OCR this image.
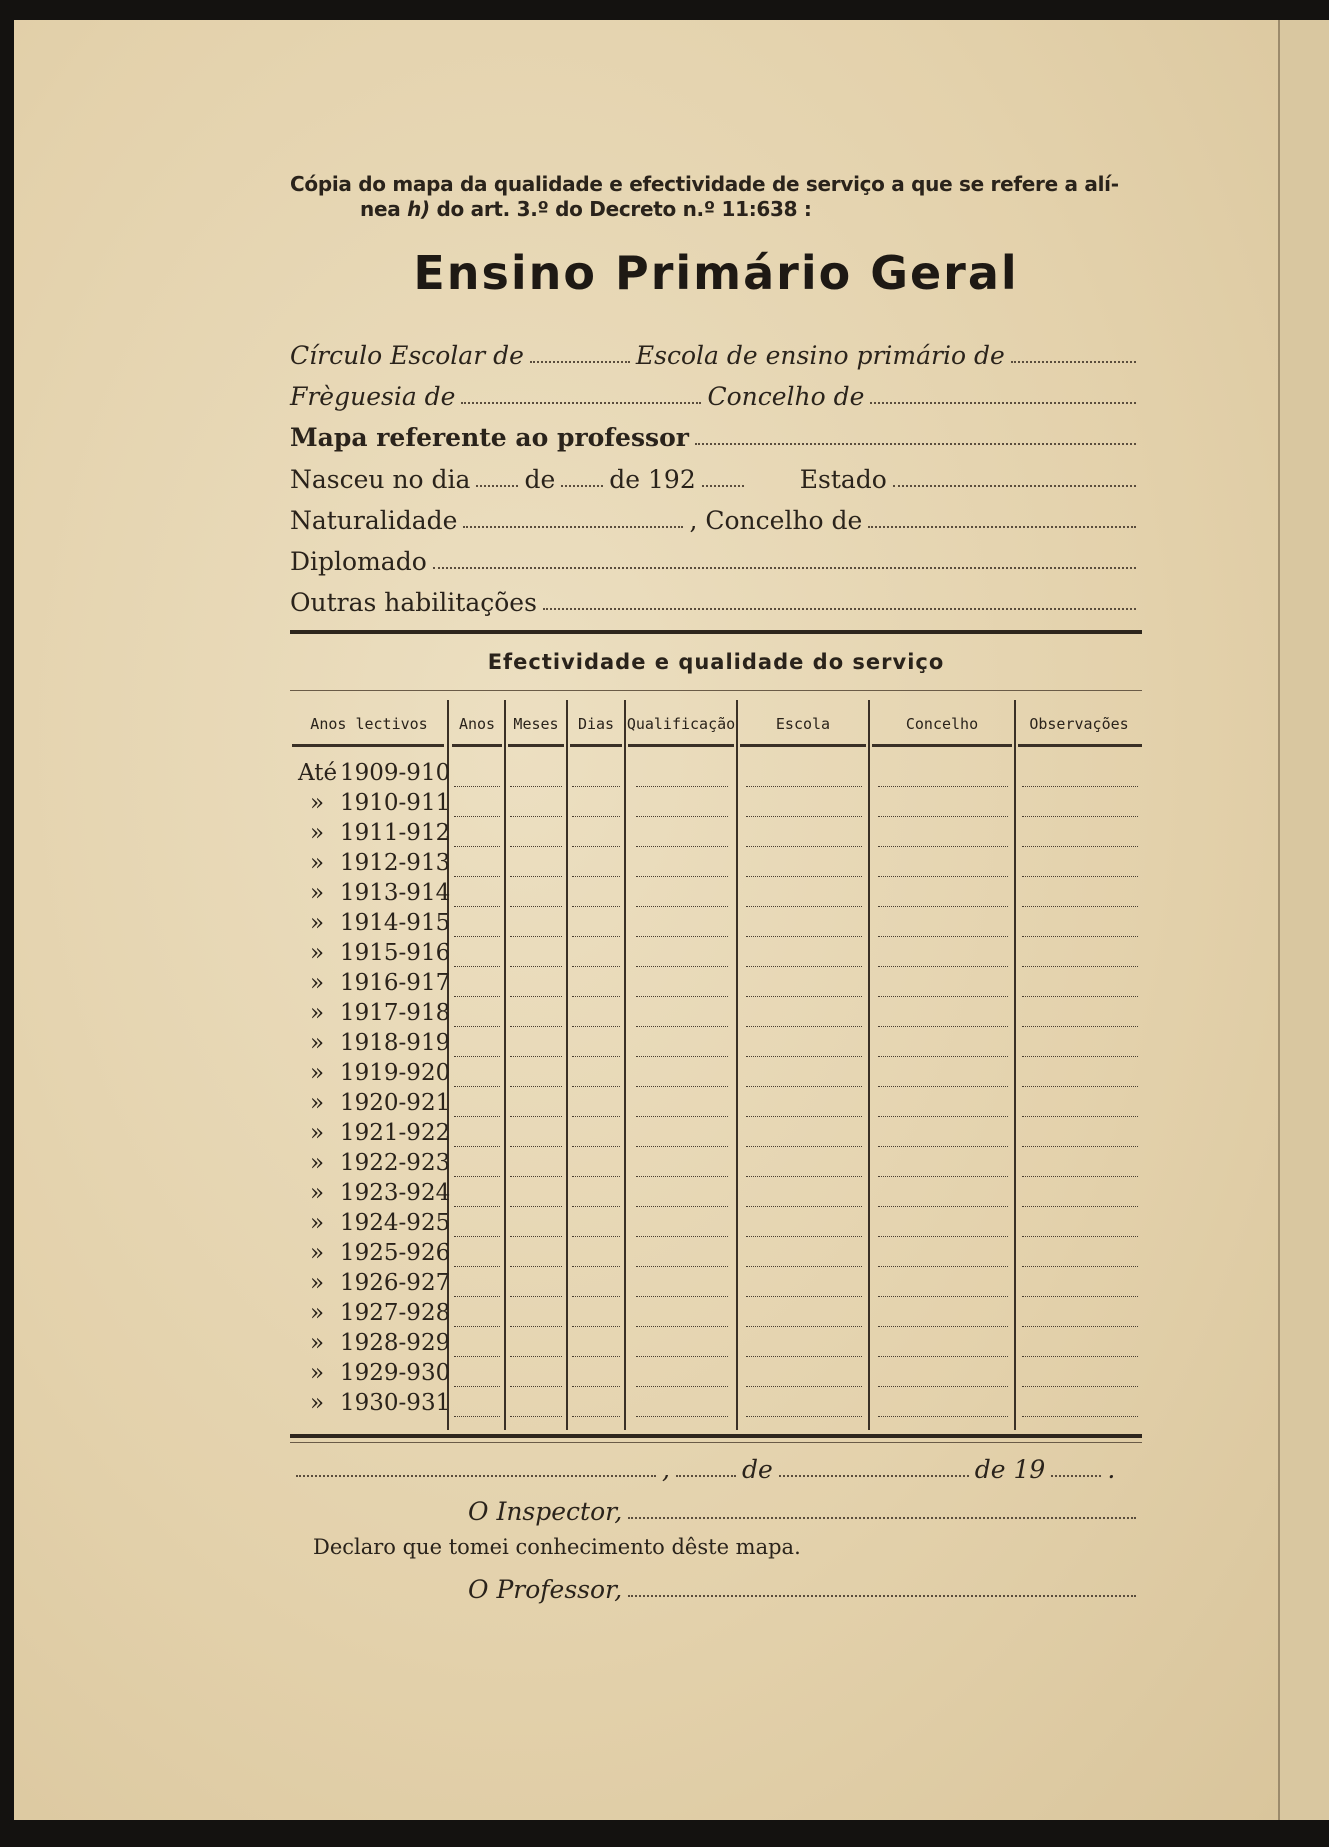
Cópia do mapa da qualidade e efectividade de serviço a que se refere a alí-
nea h) do art. 3.º do Decreto n.º 11:638 :
Ensino Primário Geral
Círculo Escolar de	Escola de ensino primário de
Frèguesia de	Concelho de
Mapa referente ao professor
Nasceu no dia de de 192	Estado
Naturalidade	, Concelho de
Diplomado
Outras habilitações
Efectividade e qualidade do serviço
Anos lectivos	Anos	Meses	Dias Qualificação	Escola	Concelho	Observações
Até 1909-910
» 1910-911
» 1911-912
» 1912-913
» 1913-914
» 1914-915
» 1915-916
» 1916-917
» 1917-918
» 1918-919
» 1919-920
» 1920-921
» 1921-922
» 1922-923
» 1923-924
» 1924-925
» 1925-926
» 1926-927
» 1927-928
» 1928-929
» 1929-930
» 1930-931
,	de	de 19 .
O Inspector,
Declaro que tomei conhecimento dêste mapa.
O Professor,
